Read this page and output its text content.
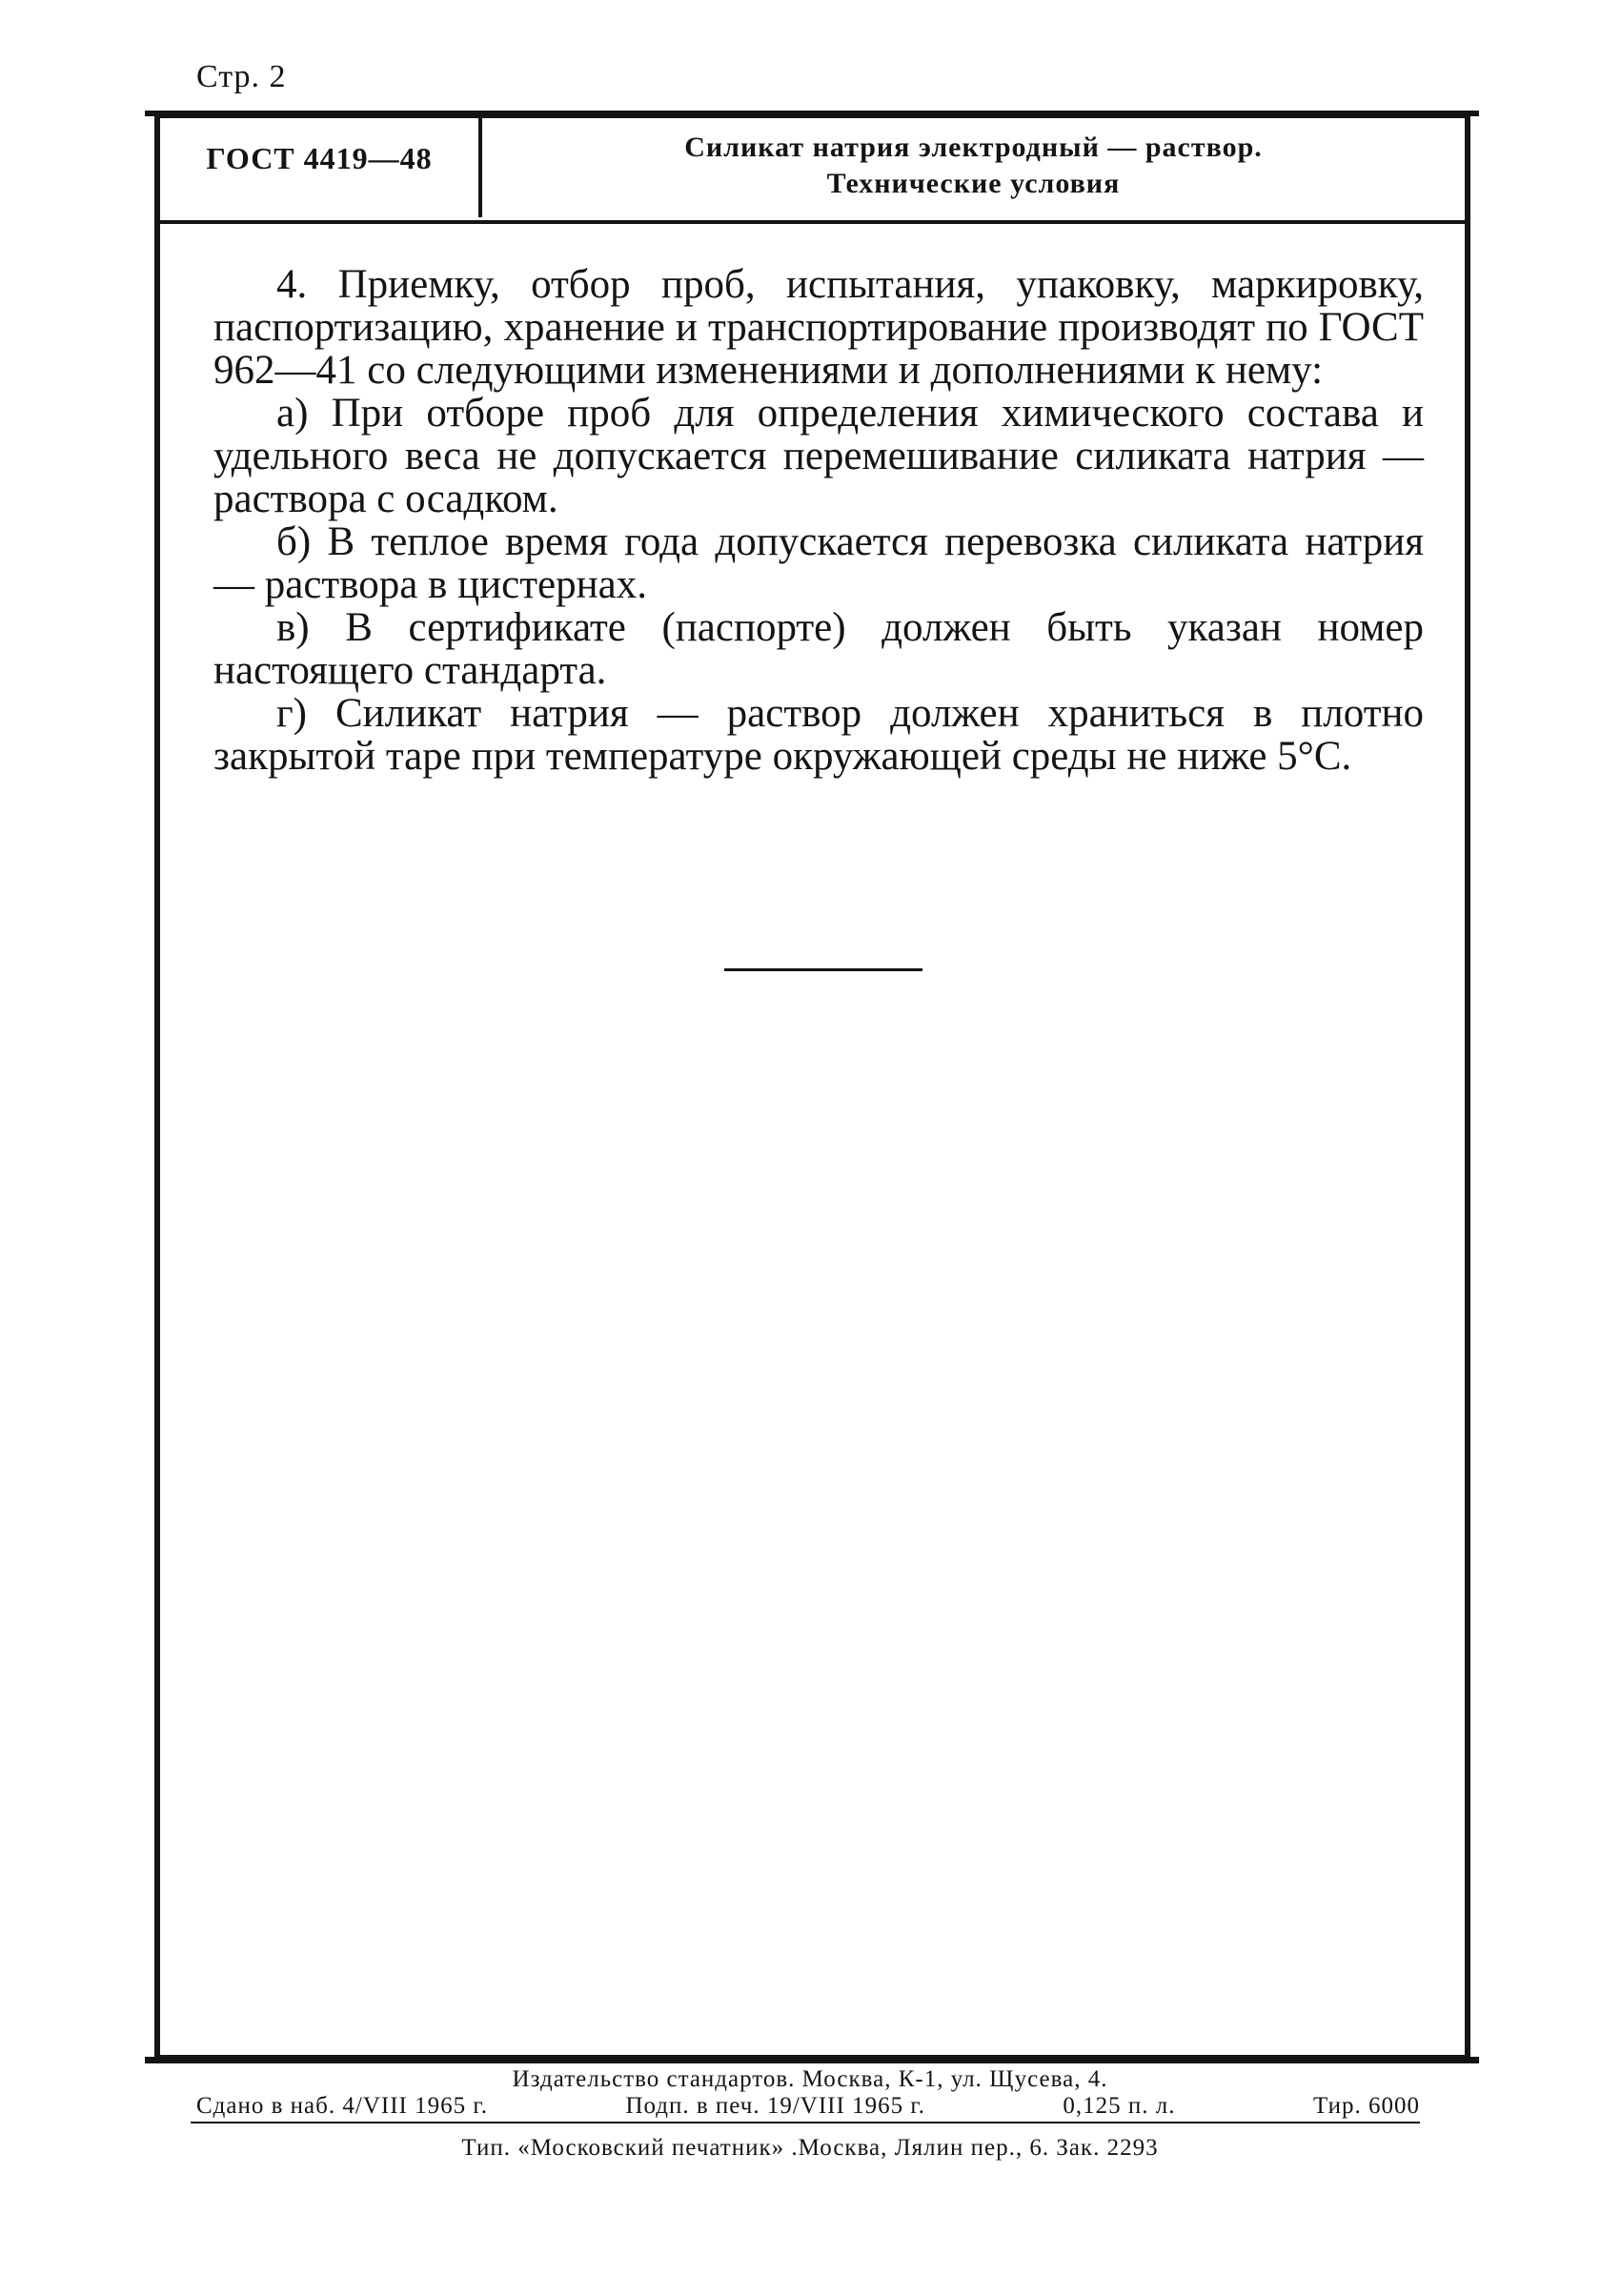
Стр. 2
ГОСТ 4419—48	Силикат натрия электродный — раствор.
Технические условия

4. Приемку, отбор проб, испытания, упаковку, маркировку, паспортизацию, хранение и транспортирование производят по ГОСТ 962—41 со следующими изменениями и дополнениями к нему:

а) При отборе проб для определения химического состава и удельного веса не допускается перемешивание силиката натрия — раствора с осадком.

б) В теплое время года допускается перевозка силиката натрия — раствора в цистернах.

в) В сертификате (паспорте) должен быть указан номер настоящего стандарта.

г) Силикат натрия — раствор должен храниться в плотно закрытой таре при температуре окружающей среды не ниже 5°С.

Издательство стандартов. Москва, К-1, ул. Щусева, 4.
Сдано в наб. 4/VIII 1965 г.	Подп. в печ. 19/VIII 1965 г.	0,125 п. л.	Тир. 6000
Тип. «Московский печатник» .Москва, Лялин пер., 6. Зак. 2293
